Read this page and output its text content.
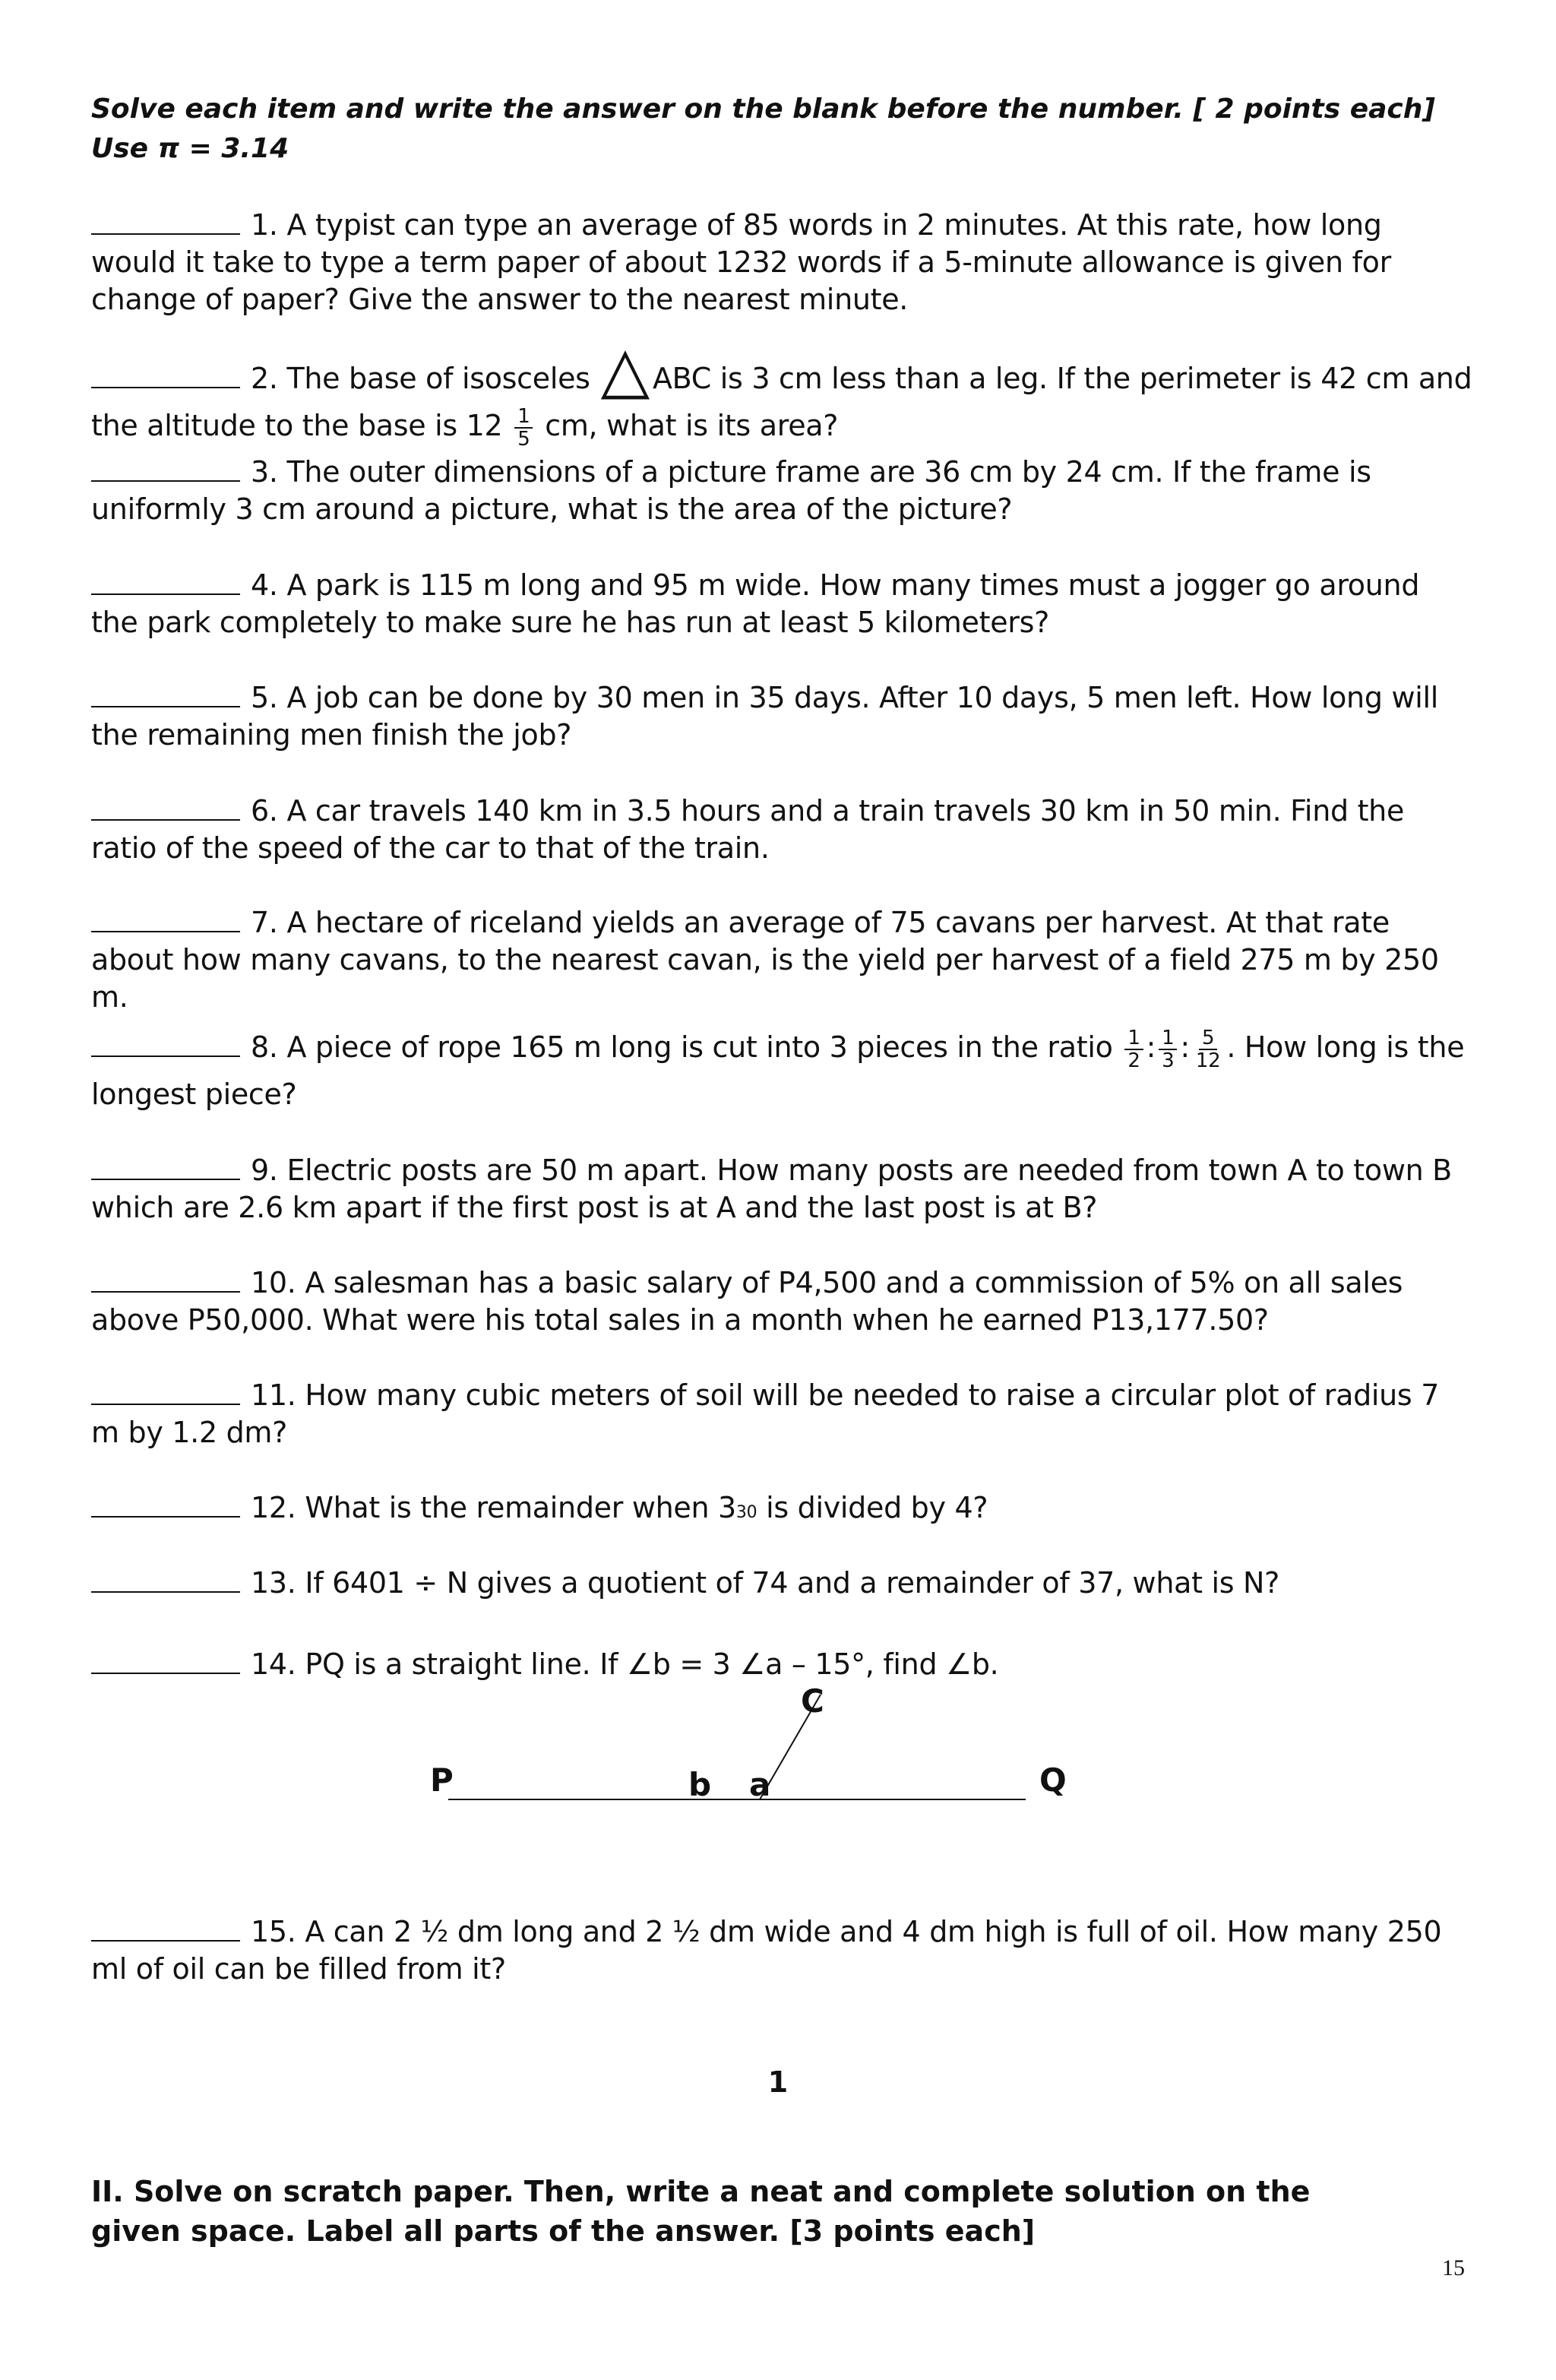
Solve each item and write the answer on the blank before the number. [ 2 points each]
Use π = 3.14
1. A typist can type an average of 85 words in 2 minutes. At this rate, how long would it take to type a term paper of about 1232 words if a 5-minute allowance is given for change of paper? Give the answer to the nearest minute.
2. The base of isosceles △ ABC is 3 cm less than a leg. If the perimeter is 42 cm and the altitude to the base is $12 \frac{1}{5}$ cm, what is its area?
3. The outer dimensions of a picture frame are 36 cm by 24 cm. If the frame is uniformly 3 cm around a picture, what is the area of the picture?
4. A park is 115 m long and 95 m wide. How many times must a jogger go around the park completely to make sure he has run at least 5 kilometers?
5. A job can be done by 30 men in 35 days. After 10 days, 5 men left. How long will the remaining men finish the job?
6. A car travels 140 km in 3.5 hours and a train travels 30 km in 50 min. Find the ratio of the speed of the car to that of the train.
7. A hectare of riceland yields an average of 75 cavans per harvest. At that rate about how many cavans, to the nearest cavan, is the yield per harvest of a field 275 m by 250 m.
8. A piece of rope 165 m long is cut into 3 pieces in the ratio $\frac{1}{2}$ : $\frac{1}{3}$ : $\frac{5}{12}$ . How long is the longest piece?
9. Electric posts are 50 m apart. How many posts are needed from town A to town B which are 2.6 km apart if the first post is at A and the last post is at B?
10. A salesman has a basic salary of P4,500 and a commission of 5% on all sales above P50,000. What were his total sales in a month when he earned P13,177.50?
11. How many cubic meters of soil will be needed to raise a circular plot of radius 7 m by 1.2 dm?
12. What is the remainder when 330 is divided by 4?
13. If 6401 ÷ N gives a quotient of 74 and a remainder of 37, what is N?
14. PQ is a straight line. If ∠b = 3 ∠a – 15°, find ∠b.
P	Q
b a
C
15. A can 2 ½ dm long and 2 ½ dm wide and 4 dm high is full of oil. How many 250 ml of oil can be filled from it?
1
II. Solve on scratch paper. Then, write a neat and complete solution on the given space. Label all parts of the answer. [3 points each]
15
